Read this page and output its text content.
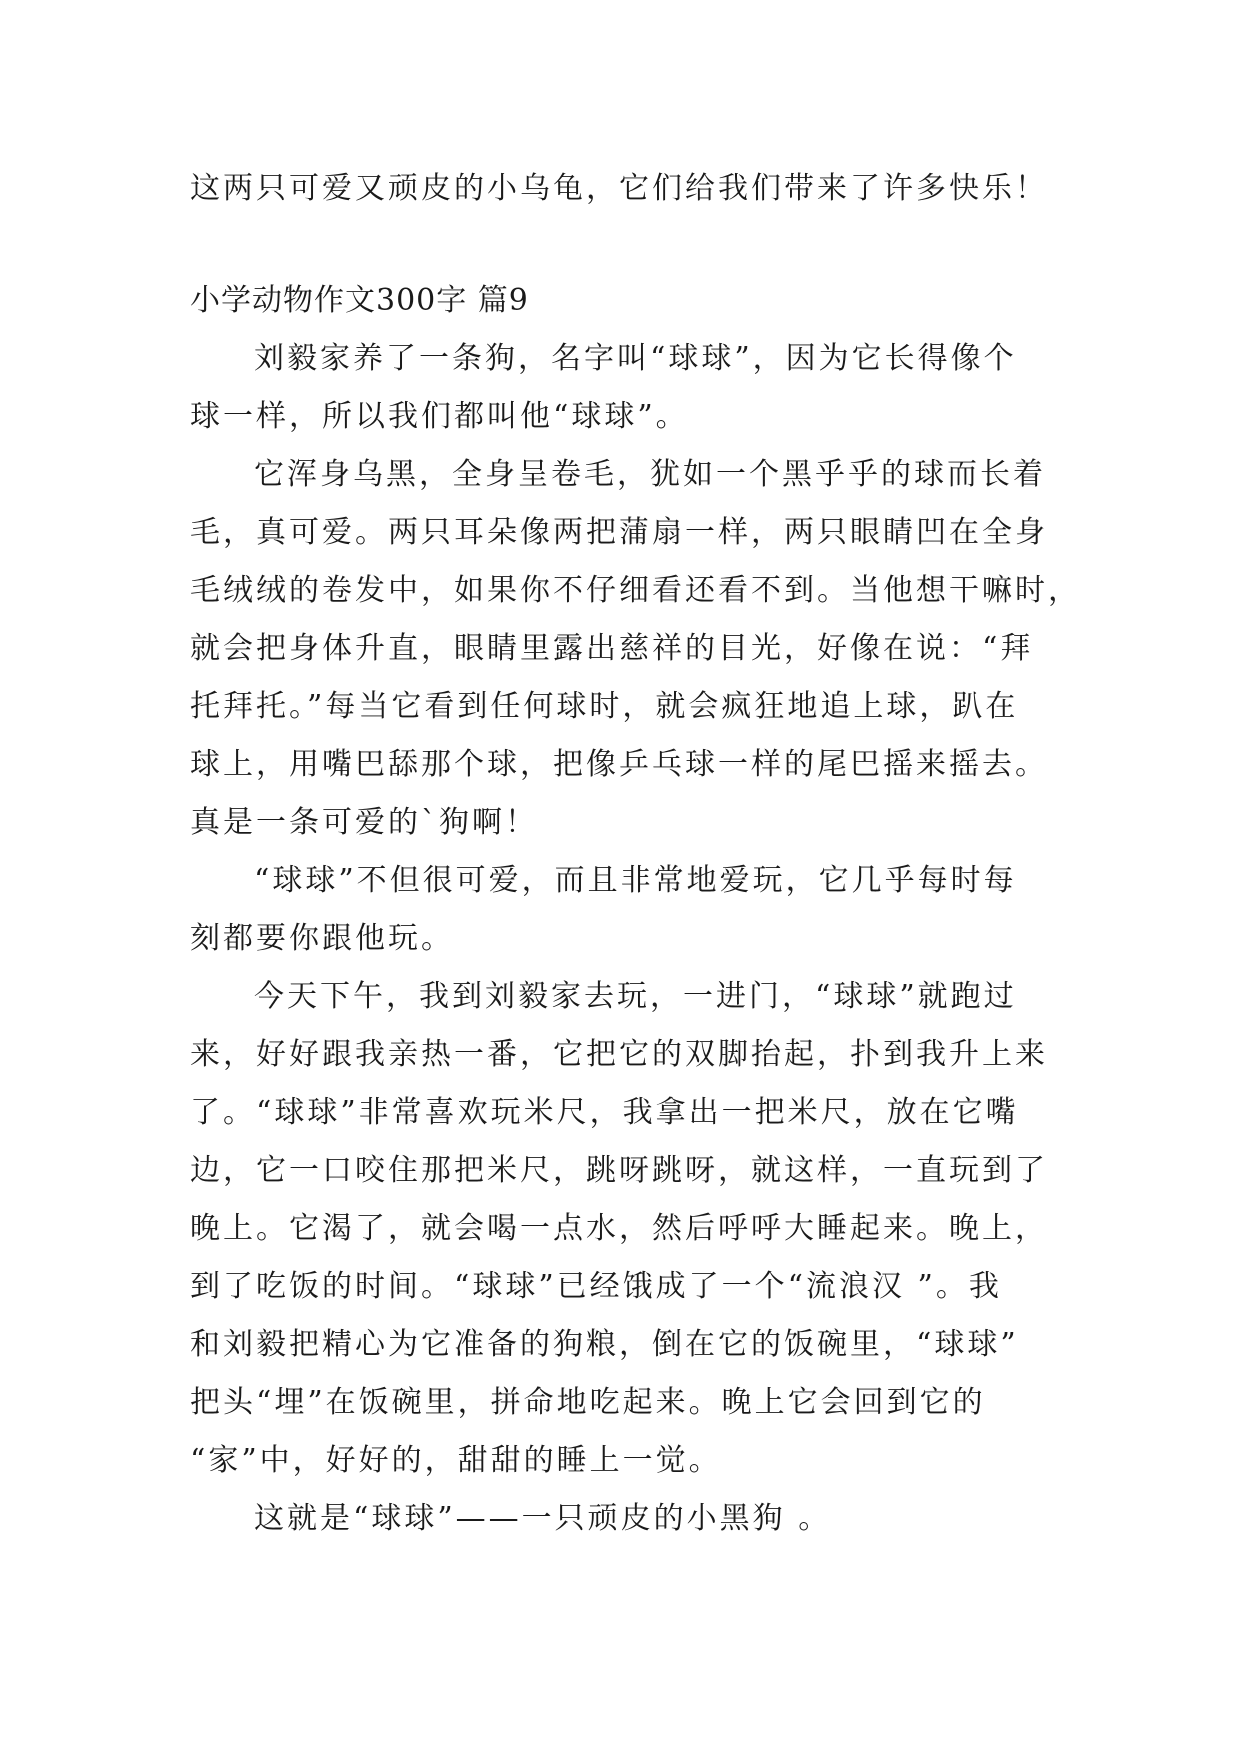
这两只可爱又顽皮的小乌龟，它们给我们带来了许多快乐！

小学动物作文300字 篇9

刘毅家养了一条狗，名字叫“球球”，因为它长得像个

球一样，所以我们都叫他“球球”。

它浑身乌黑，全身呈卷毛，犹如一个黑乎乎的球而长着

毛，真可爱。两只耳朵像两把蒲扇一样，两只眼睛凹在全身

毛绒绒的卷发中，如果你不仔细看还看不到。当他想干嘛时，

就会把身体升直，眼睛里露出慈祥的目光，好像在说：“拜

托拜托。”每当它看到任何球时，就会疯狂地追上球，趴在

球上，用嘴巴舔那个球，把像乒乓球一样的尾巴摇来摇去。

真是一条可爱的`狗啊！

“球球”不但很可爱，而且非常地爱玩，它几乎每时每

刻都要你跟他玩。

今天下午，我到刘毅家去玩，一进门，“球球”就跑过

来，好好跟我亲热一番，它把它的双脚抬起，扑到我升上来

了。“球球”非常喜欢玩米尺，我拿出一把米尺，放在它嘴

边，它一口咬住那把米尺，跳呀跳呀，就这样，一直玩到了

晚上。它渴了，就会喝一点水，然后呼呼大睡起来。晚上，

到了吃饭的时间。“球球”已经饿成了一个“流浪汉 ”。我

和刘毅把精心为它准备的狗粮，倒在它的饭碗里，“球球”

把头“埋”在饭碗里，拼命地吃起来。晚上它会回到它的

“家”中，好好的，甜甜的睡上一觉。

这就是“球球”——一只顽皮的小黑狗 。
